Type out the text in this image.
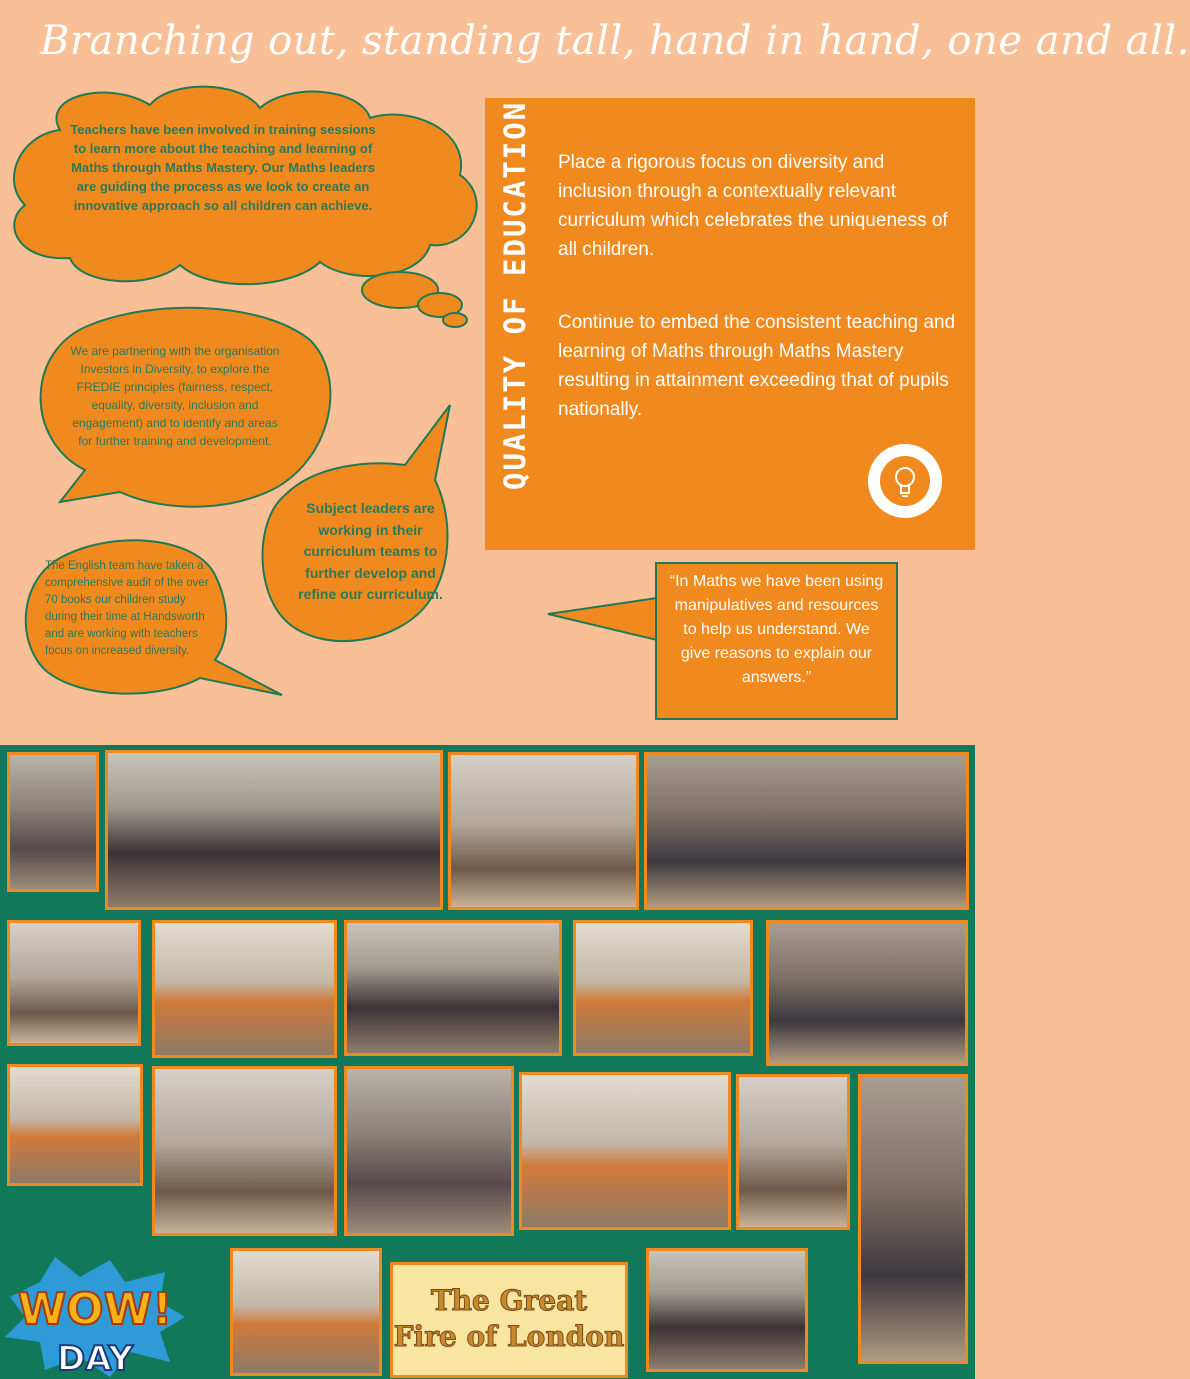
Branching out, standing tall, hand in hand, one and all.
Teachers have been involved in training sessions to learn more about the teaching and learning of Maths through Maths Mastery. Our Maths leaders are guiding the process as we look to create an innovative approach so all children can achieve.
We are partnering with the organisation Investors in Diversity, to explore the FREDIE principles (fairness, respect, equality, diversity, inclusion and engagement) and to identify and areas for further training and development.
Subject leaders are working in their curriculum teams to further develop and refine our curriculum.
The English team have taken a comprehensive audit of the over 70 books our children study during their time at Handsworth and are working with teachers focus on increased diversity.
QUALITY OF EDUCATION Place a rigorous focus on diversity and inclusion through a contextually relevant curriculum which celebrates the uniqueness of all children.
Continue to embed the consistent teaching and learning of Maths through Maths Mastery resulting in attainment exceeding that of pupils nationally.
“In Maths we have been using manipulatives and resources to help us understand. We give reasons to explain our answers.”
The Great
Fire of London
WOW!
DAY
